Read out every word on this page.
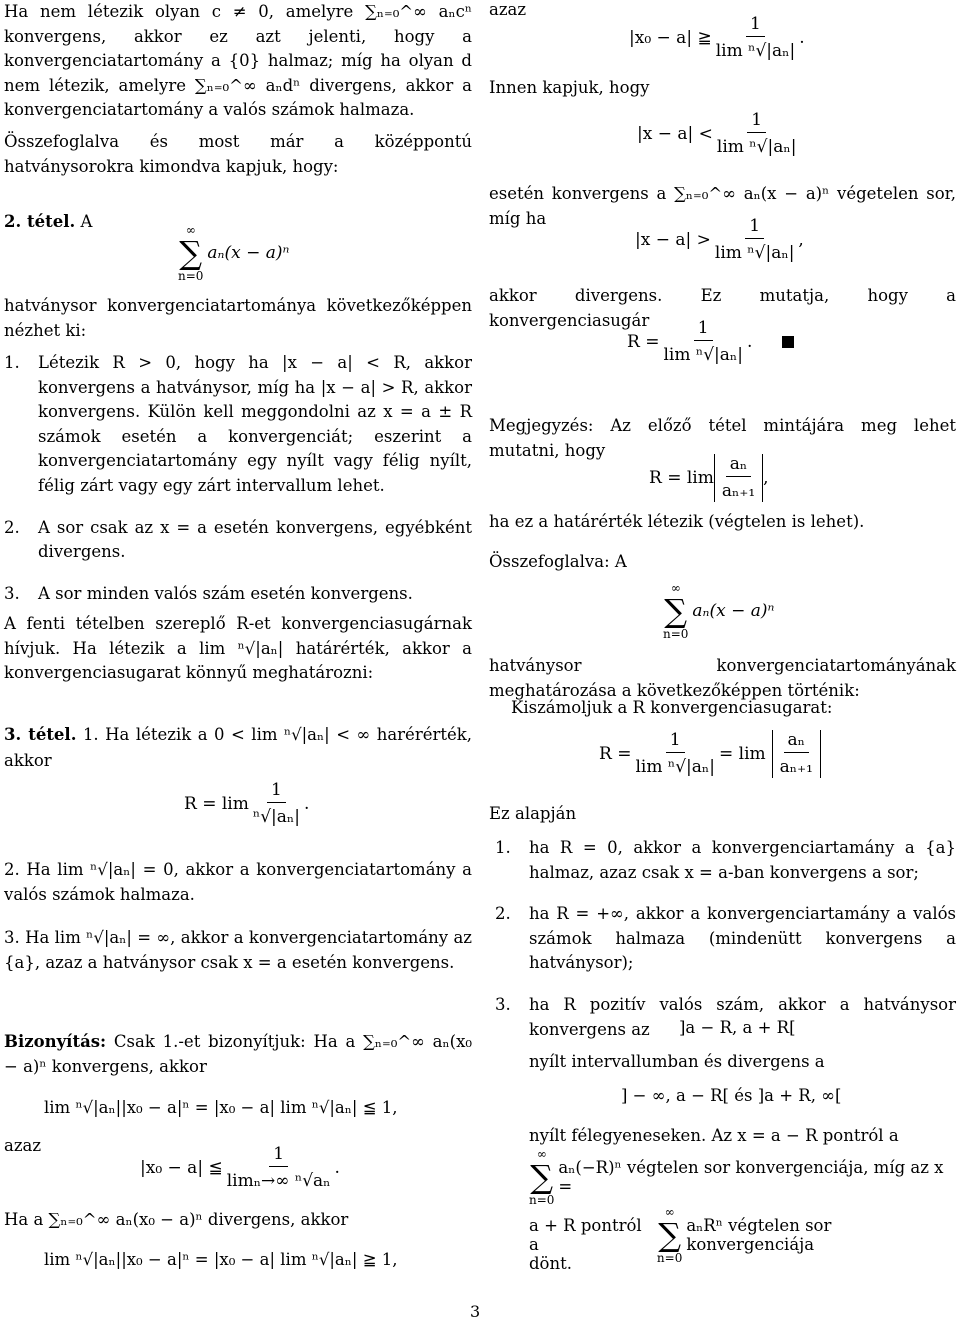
Ha nem létezik olyan c ≠ 0, amelyre ∑ₙ₌₀^∞ aₙcⁿ konvergens, akkor ez azt jelenti, hogy a konvergenciatartomány a {0} halmaz; míg ha olyan d nem létezik, amelyre ∑ₙ₌₀^∞ aₙdⁿ divergens, akkor a konvergenciatartomány a valós számok halmaza.

Összefoglalva és most már a középpontú hatványsorokra kimondva kapjuk, hogy:

2. tétel. A	∞
∑
n=0
aₙ(x − a)ⁿ

hatványsor konvergenciatartománya következőképpen nézhet ki:

1.	Létezik R > 0, hogy ha |x − a| < R, akkor konvergens a hatványsor, míg ha |x − a| > R, akkor konvergens. Külön kell meggondolni az x = a ± R számok esetén a konvergenciát; eszerint a konvergenciatartomány egy nyílt vagy félig nyílt, félig zárt vagy egy zárt intervallum lehet.
2.	A sor csak az x = a esetén konvergens, egyébként divergens.
3.	A sor minden valós szám esetén konvergens.

A fenti tételben szereplő R-et konvergenciasugárnak hívjuk. Ha létezik a lim ⁿ√|aₙ| határérték, akkor a konvergenciasugarat könnyű meghatározni:

3. tétel. 1. Ha létezik a 0 < lim ⁿ√|aₙ| < ∞ harérérték, akkor
$R = \lim \frac{1}{\text{ⁿ√|aₙ|}}$ .

2. Ha lim ⁿ√|aₙ| = 0, akkor a konvergenciatartomány a valós számok halmaza.

3. Ha lim ⁿ√|aₙ| = ∞, akkor a konvergenciatartomány az {a}, azaz a hatványsor csak x = a esetén konvergens.

Bizonyítás: Csak 1.-et bizonyítjuk: Ha a ∑ₙ₌₀^∞ aₙ(x₀ − a)ⁿ konvergens, akkor
lim ⁿ√|aₙ||x₀ − a|ⁿ = |x₀ − a| lim ⁿ√|aₙ| ≦ 1,
azaz
|x₀ − a| ≦ $\frac{1}{\text{limₙ→∞ ⁿ√aₙ}}$ .

Ha a ∑ₙ₌₀^∞ aₙ(x₀ − a)ⁿ divergens, akkor

lim ⁿ√|aₙ||x₀ − a|ⁿ = |x₀ − a| lim ⁿ√|aₙ| ≧ 1,
azaz
|x₀ − a| ≧ $\frac{1}{\text{lim ⁿ√|aₙ|}}$ .
Innen kapjuk, hogy
$|x - a| < \frac{1}{\text{lim ⁿ√|aₙ|}}$

esetén konvergens a ∑ₙ₌₀^∞ aₙ(x − a)ⁿ végetelen sor, míg ha

$|x - a| > \frac{1}{\text{lim ⁿ√|aₙ|}}$ ,

akkor divergens. Ez mutatja, hogy a konvergenciasugár

$R = \frac{1}{\text{lim ⁿ√|aₙ|}}$ .

Megjegyzés: Az előző tétel mintájára meg lehet mutatni, hogy

$R = \lim \frac{\text{aₙ}}{\text{aₙ₊₁}}$ ,

ha ez a határérték létezik (végtelen is lehet).

Összefoglalva: A
∞
∑
n=0
aₙ(x − a)ⁿ

hatványsor konvergenciatartományának meghatározása a következőképpen történik:

Kiszámoljuk a R konvergenciasugarat:
$R = \frac{1}{\text{lim ⁿ√|aₙ|}} = \lim \frac{\text{aₙ}}{\text{aₙ₊₁}}$
Ez alapján
1.	ha R = 0, akkor a konvergenciartamány a {a} halmaz, azaz csak x = a-ban konvergens a sor;
2.	ha R = +∞, akkor a konvergenciartamány a valós számok halmaza (mindenütt konvergens a hatványsor);
3.	ha R pozitív valós szám, akkor a hatványsor konvergens az	]a − R, a + R[

nyílt intervallumban és divergens a

] − ∞, a − R[ és ]a + R, ∞[

nyílt félegyeneseken. Az x = a − R pontról a

∞
∑
n=0
aₙ(−R)ⁿ végtelen sor konvergenciája, míg az x =
a + R pontról a
∞
∑
n=0
aₙRⁿ végtelen sor konvergenciája
dönt.
3
